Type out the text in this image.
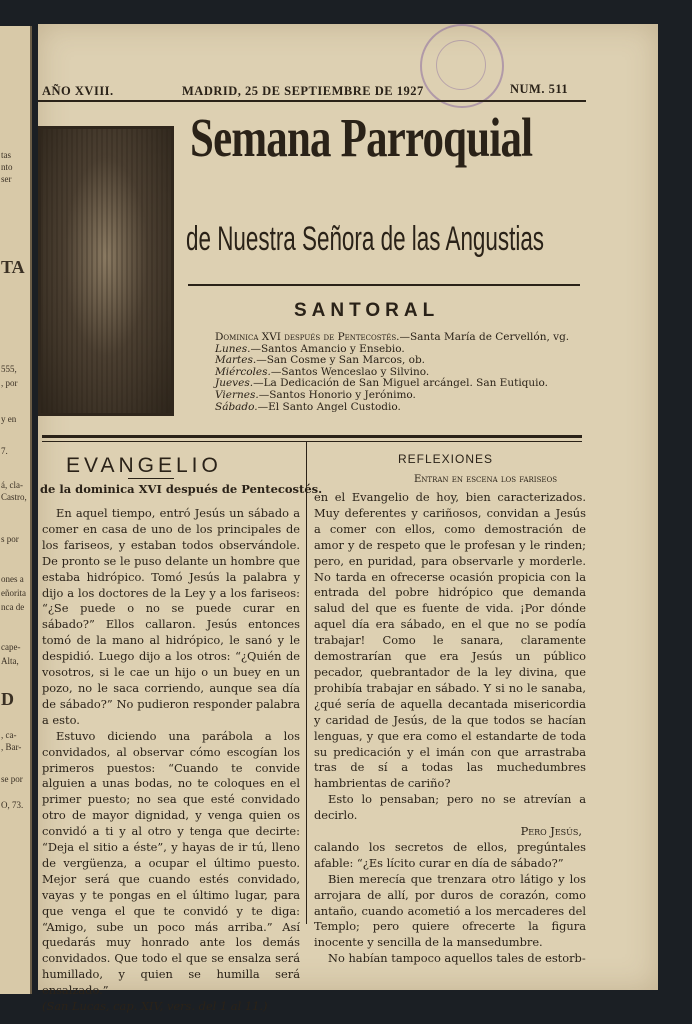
tas
nto
ser
TA
555,
, por
y en
7.
á, cla-
Castro,
s por
ones a
eñorita
nca de
cape-
Alta,
D
, ca-
, Bar-
se por
O, 73.
AÑO XVIII.	MADRID, 25 DE SEPTIEMBRE DE 1927	NUM. 511
Semana Parroquial
de Nuestra Señora de las Angustias
SANTORAL
Dominica XVI después de Pentecostés.—Santa María de Cervellón, vg.
Lunes.—Santos Amancio y Ensebio.
Martes.—San Cosme y San Marcos, ob.
Miércoles.—Santos Wenceslao y Silvino.
Jueves.—La Dedicación de San Miguel arcángel. San Eutiquio.
Viernes.—Santos Honorio y Jerónimo.
Sábado.—El Santo Angel Custodio.
EVANGELIO
de la dominica XVI después de Pentecostés.

En aquel tiempo, entró Jesús un sábado a comer en casa de uno de los principales de los fariseos, y estaban todos observándole. De pronto se le puso delante un hombre que estaba hidrópico. Tomó Jesús la palabra y dijo a los doctores de la Ley y a los fariseos: “¿Se puede o no se puede curar en sábado?” Ellos callaron. Jesús entonces tomó de la mano al hidrópico, le sanó y le despidió. Luego dijo a los otros: “¿Quién de vosotros, si le cae un hijo o un buey en un pozo, no le saca corriendo, aunque sea día de sábado?” No pudieron responder palabra a esto.

Estuvo diciendo una parábola a los convidados, al observar cómo escogían los primeros puestos: “Cuando te convide alguien a unas bodas, no te coloques en el primer puesto; no sea que esté convidado otro de mayor dignidad, y venga quien os convidó a ti y al otro y tenga que decirte: “Deja el sitio a éste”, y hayas de ir tú, lleno de vergüenza, a ocupar el último puesto. Mejor será que cuando estés convidado, vayas y te pongas en el último lugar, para que venga el que te convidó y te diga: “Amigo, sube un poco más arriba.” Así quedarás muy honrado ante los demás convidados. Que todo el que se ensalza será humillado, y quien se humilla será ensalzado.”

(San Lucas, cap. XIV, vers. del 1 al 11.)

REFLEXIONES
Entran en escena los fariseos

en el Evangelio de hoy, bien caracterizados. Muy deferentes y cariñosos, convidan a Jesús a comer con ellos, como demostración de amor y de respeto que le profesan y le rinden; pero, en puridad, para observarle y morderle. No tarda en ofrecerse ocasión propicia con la entrada del pobre hidrópico que demanda salud del que es fuente de vida. ¡Por dónde aquel día era sábado, en el que no se podía trabajar! Como le sanara, claramente demostrarían que era Jesús un público pecador, quebrantador de la ley divina, que prohibía trabajar en sábado. Y si no le sanaba, ¿qué sería de aquella decantada misericordia y caridad de Jesús, de la que todos se hacían lenguas, y que era como el estandarte de toda su predicación y el imán con que arrastraba tras de sí a todas las muchedumbres hambrientas de cariño?

Esto lo pensaban; pero no se atrevían a decirlo.

Pero Jesús,

calando los secretos de ellos, pregúntales afable: “¿Es lícito curar en día de sábado?”

Bien merecía que trenzara otro látigo y los arrojara de allí, por duros de corazón, como antaño, cuando acometió a los mercaderes del Templo; pero quiere ofrecerte la figura inocente y sencilla de la mansedumbre.

No habían tampoco aquellos tales de estorb-
